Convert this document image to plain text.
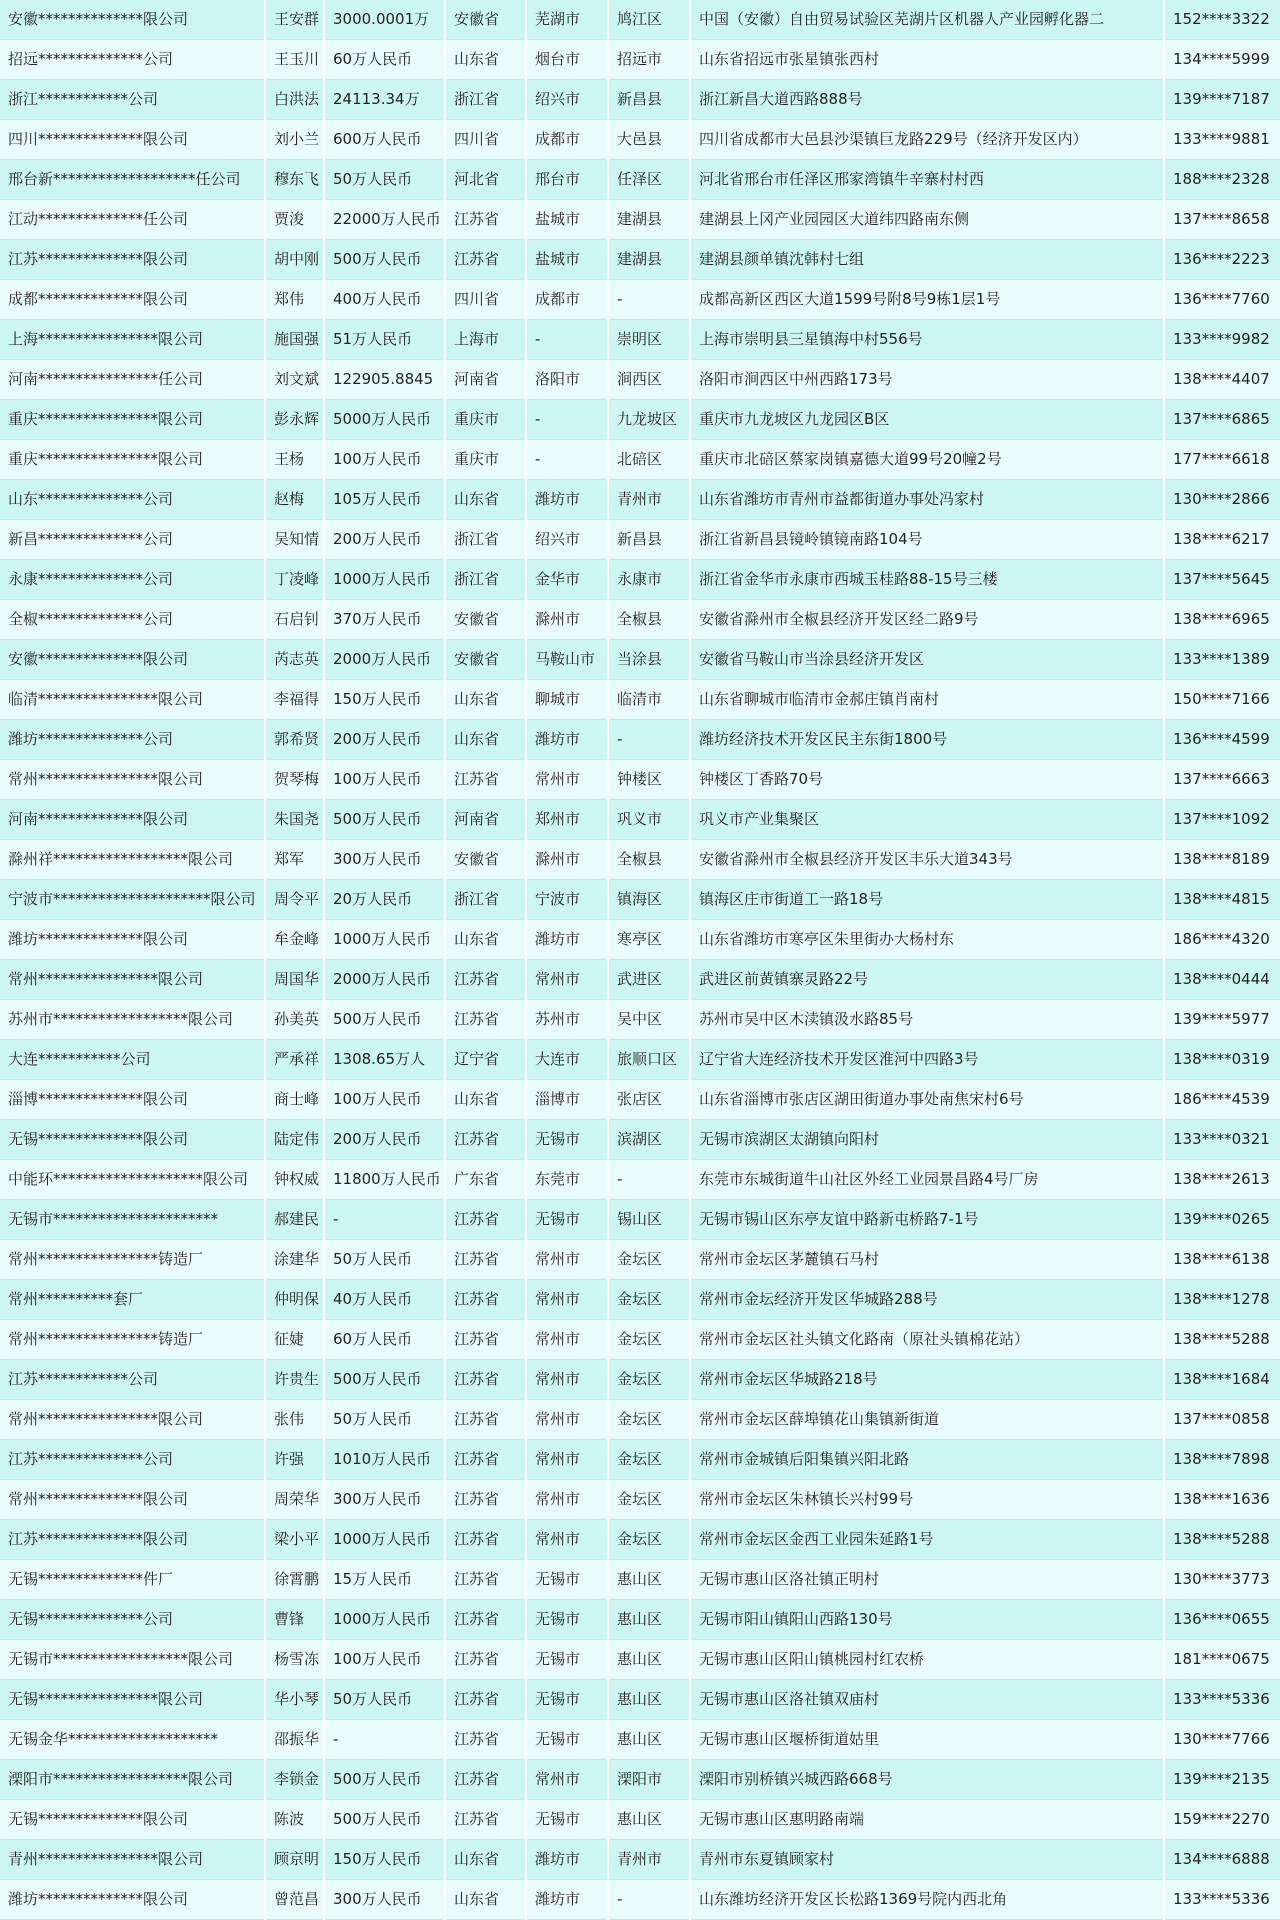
安徽**************限公司	王安群	3000.0001万	安徽省	芜湖市	鸠江区	中国（安徽）自由贸易试验区芜湖片区机器人产业园孵化器二	152****3322
招远**************公司	王玉川	60万人民币	山东省	烟台市	招远市	山东省招远市张星镇张西村	134****5999
浙江************公司	白洪法	24113.34万	浙江省	绍兴市	新昌县	浙江新昌大道西路888号	139****7187
四川**************限公司	刘小兰	600万人民币	四川省	成都市	大邑县	四川省成都市大邑县沙渠镇巨龙路229号（经济开发区内）	133****9881
邢台新*******************任公司	穆东飞	50万人民币	河北省	邢台市	任泽区	河北省邢台市任泽区邢家湾镇牛辛寨村村西	188****2328
江动**************任公司	贾浚	22000万人民币	江苏省	盐城市	建湖县	建湖县上冈产业园园区大道纬四路南东侧	137****8658
江苏**************限公司	胡中刚	500万人民币	江苏省	盐城市	建湖县	建湖县颜单镇沈韩村七组	136****2223
成都**************限公司	郑伟	400万人民币	四川省	成都市	-	成都高新区西区大道1599号附8号9栋1层1号	136****7760
上海****************限公司	施国强	51万人民币	上海市	-	崇明区	上海市崇明县三星镇海中村556号	133****9982
河南****************任公司	刘文斌	122905.8845	河南省	洛阳市	涧西区	洛阳市涧西区中州西路173号	138****4407
重庆****************限公司	彭永辉	5000万人民币	重庆市	-	九龙坡区	重庆市九龙坡区九龙园区B区	137****6865
重庆****************限公司	王杨	100万人民币	重庆市	-	北碚区	重庆市北碚区蔡家岗镇嘉德大道99号20幢2号	177****6618
山东**************公司	赵梅	105万人民币	山东省	潍坊市	青州市	山东省潍坊市青州市益都街道办事处冯家村	130****2866
新昌**************公司	吴知情	200万人民币	浙江省	绍兴市	新昌县	浙江省新昌县镜岭镇镜南路104号	138****6217
永康**************公司	丁凌峰	1000万人民币	浙江省	金华市	永康市	浙江省金华市永康市西城玉桂路88-15号三楼	137****5645
全椒**************公司	石启钊	370万人民币	安徽省	滁州市	全椒县	安徽省滁州市全椒县经济开发区经二路9号	138****6965
安徽**************限公司	芮志英	2000万人民币	安徽省	马鞍山市	当涂县	安徽省马鞍山市当涂县经济开发区	133****1389
临清****************限公司	李福得	150万人民币	山东省	聊城市	临清市	山东省聊城市临清市金郝庄镇肖南村	150****7166
潍坊**************公司	郭希贤	200万人民币	山东省	潍坊市	-	潍坊经济技术开发区民主东街1800号	136****4599
常州****************限公司	贺琴梅	100万人民币	江苏省	常州市	钟楼区	钟楼区丁香路70号	137****6663
河南**************限公司	朱国尧	500万人民币	河南省	郑州市	巩义市	巩义市产业集聚区	137****1092
滁州祥******************限公司	郑军	300万人民币	安徽省	滁州市	全椒县	安徽省滁州市全椒县经济开发区丰乐大道343号	138****8189
宁波市*********************限公司	周令平	20万人民币	浙江省	宁波市	镇海区	镇海区庄市街道工一路18号	138****4815
潍坊**************限公司	牟金峰	1000万人民币	山东省	潍坊市	寒亭区	山东省潍坊市寒亭区朱里街办大杨村东	186****4320
常州****************限公司	周国华	2000万人民币	江苏省	常州市	武进区	武进区前黄镇寨灵路22号	138****0444
苏州市******************限公司	孙美英	500万人民币	江苏省	苏州市	吴中区	苏州市吴中区木渎镇汲水路85号	139****5977
大连***********公司	严承祥	1308.65万人	辽宁省	大连市	旅顺口区	辽宁省大连经济技术开发区淮河中四路3号	138****0319
淄博**************限公司	商士峰	100万人民币	山东省	淄博市	张店区	山东省淄博市张店区湖田街道办事处南焦宋村6号	186****4539
无锡**************限公司	陆定伟	200万人民币	江苏省	无锡市	滨湖区	无锡市滨湖区太湖镇向阳村	133****0321
中能环********************限公司	钟权威	11800万人民币	广东省	东莞市	-	东莞市东城街道牛山社区外经工业园景昌路4号厂房	138****2613
无锡市**********************	郝建民	-	江苏省	无锡市	锡山区	无锡市锡山区东亭友谊中路新屯桥路7-1号	139****0265
常州****************铸造厂	涂建华	50万人民币	江苏省	常州市	金坛区	常州市金坛区茅麓镇石马村	138****6138
常州**********套厂	仲明保	40万人民币	江苏省	常州市	金坛区	常州市金坛经济开发区华城路288号	138****1278
常州****************铸造厂	征婕	60万人民币	江苏省	常州市	金坛区	常州市金坛区社头镇文化路南（原社头镇棉花站）	138****5288
江苏************公司	许贵生	500万人民币	江苏省	常州市	金坛区	常州市金坛区华城路218号	138****1684
常州****************限公司	张伟	50万人民币	江苏省	常州市	金坛区	常州市金坛区薛埠镇花山集镇新街道	137****0858
江苏**************公司	许强	1010万人民币	江苏省	常州市	金坛区	常州市金城镇后阳集镇兴阳北路	138****7898
常州**************限公司	周荣华	300万人民币	江苏省	常州市	金坛区	常州市金坛区朱林镇长兴村99号	138****1636
江苏**************限公司	梁小平	1000万人民币	江苏省	常州市	金坛区	常州市金坛区金西工业园朱延路1号	138****5288
无锡**************件厂	徐霄鹏	15万人民币	江苏省	无锡市	惠山区	无锡市惠山区洛社镇正明村	130****3773
无锡**************公司	曹锋	1000万人民币	江苏省	无锡市	惠山区	无锡市阳山镇阳山西路130号	136****0655
无锡市******************限公司	杨雪冻	100万人民币	江苏省	无锡市	惠山区	无锡市惠山区阳山镇桃园村红农桥	181****0675
无锡****************限公司	华小琴	50万人民币	江苏省	无锡市	惠山区	无锡市惠山区洛社镇双庙村	133****5336
无锡金华********************	邵振华	-	江苏省	无锡市	惠山区	无锡市惠山区堰桥街道姑里	130****7766
溧阳市******************限公司	李锁金	500万人民币	江苏省	常州市	溧阳市	溧阳市别桥镇兴城西路668号	139****2135
无锡**************限公司	陈波	500万人民币	江苏省	无锡市	惠山区	无锡市惠山区惠明路南端	159****2270
青州****************限公司	顾京明	150万人民币	山东省	潍坊市	青州市	青州市东夏镇顾家村	134****6888
潍坊**************限公司	曾范昌	300万人民币	山东省	潍坊市	-	山东潍坊经济开发区长松路1369号院内西北角	133****5336
